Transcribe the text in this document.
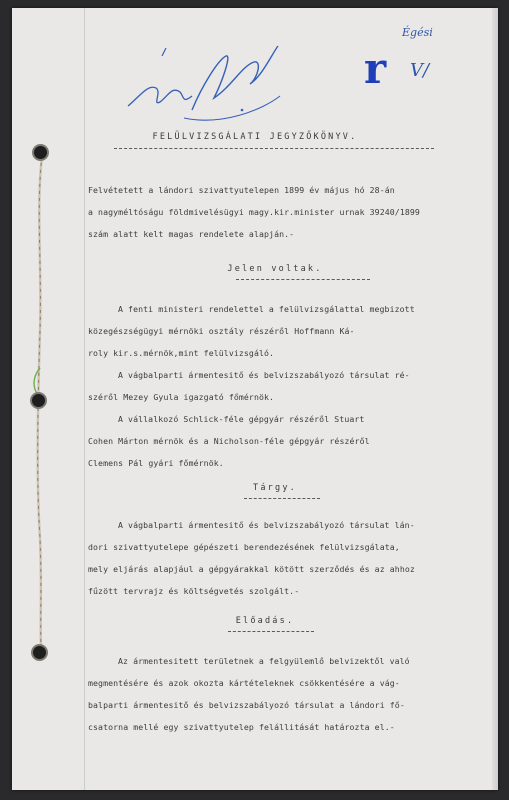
r
Égési
V/
FELÜLVIZSGÁLATI JEGYZŐKÖNYV.
Felvétetett a lándori szivattyutelepen 1899 év május hó 28-án
a nagyméltóságu földmivelésügyi magy.kir.minister urnak 39240/1899
szám alatt kelt magas rendelete alapján.-
Jelen voltak.
A fenti ministeri rendelettel a felülvizsgálattal megbizott
közegészségügyi mérnöki osztály részéről Hoffmann Ká-
roly kir.s.mérnök,mint felülvizsgáló.
A vágbalparti ármentesitő és belvizszabályozó társulat ré-
széről Mezey Gyula igazgató főmérnök.
A vállalkozó Schlick-féle gépgyár részéről Stuart
Cohen Márton mérnök és a Nicholson-féle gépgyár részéről
Clemens Pál gyári főmérnök.
Tárgy.
A vágbalparti ármentesitő és belvizszabályozó társulat lán-
dori szivattyutelepe gépészeti berendezésének felülvizsgálata,
mely eljárás alapjául a gépgyárakkal kötött szerződés és az ahhoz
fűzött tervrajz és költségvetés szolgált.-
Előadás.
Az ármentesitett területnek a felgyülemlő belvizektől való
megmentésére és azok okozta kártételeknek csökkentésére a vág-
balparti ármentesitő és belvizszabályozó társulat a lándori fő-
csatorna mellé egy szivattyutelep felállitását határozta el.-
